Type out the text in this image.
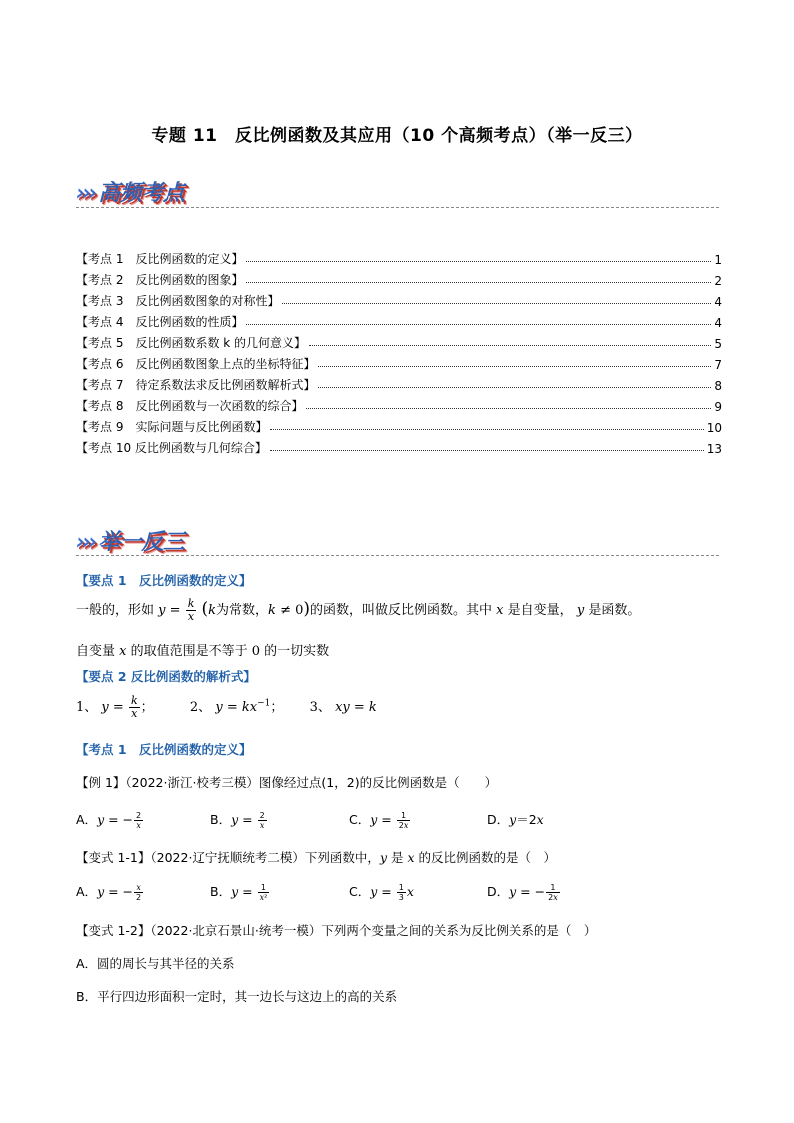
专题 11　反比例函数及其应用（10 个高频考点）（举一反三）
››› 高频考点
【考点 1　反比例函数的定义】	1
【考点 2　反比例函数的图象】	2
【考点 3　反比例函数图象的对称性】	4
【考点 4　反比例函数的性质】	4
【考点 5　反比例函数系数 k 的几何意义】	5
【考点 6　反比例函数图象上点的坐标特征】	7
【考点 7　待定系数法求反比例函数解析式】	8
【考点 8　反比例函数与一次函数的综合】	9
【考点 9　实际问题与反比例函数】	10
【考点 10 反比例函数与几何综合】	13
››› 举一反三
【要点 1　反比例函数的定义】
一般的，形如 $y = \frac{k}{x} (k$为常数，k ≠ 0)的函数，叫做反比例函数。其中 x 是自变量， y 是函数。
自变量 x 的取值范围是不等于 0 的一切实数
【要点 2 反比例函数的解析式】
1、 $y = \frac{k}{x}$ ；  2、 $y = kx^{-1}$；  3、 xy = k
【考点 1　反比例函数的定义】
【例 1】（2022·浙江·校考三模）图像经过点(1，2)的反比例函数是（　　）
A．y = − $\frac{2}{x}$	B．$y = \frac{2}{x}$	C．$y = \frac{1}{2x}$	D．y＝2x
【变式 1-1】（2022·辽宁抚顺统考二模）下列函数中，y 是 x 的反比例函数的是（　）
A．y = − $\frac{x}{2}$	B．$y = \frac{1}{\text{x²}}$	C．$y = \frac{1}{3}$ x	D．y = − $\frac{1}{2x}$
【变式 1-2】（2022·北京石景山·统考一模）下列两个变量之间的关系为反比例关系的是（　）
A．圆的周长与其半径的关系
B．平行四边形面积一定时，其一边长与这边上的高的关系
